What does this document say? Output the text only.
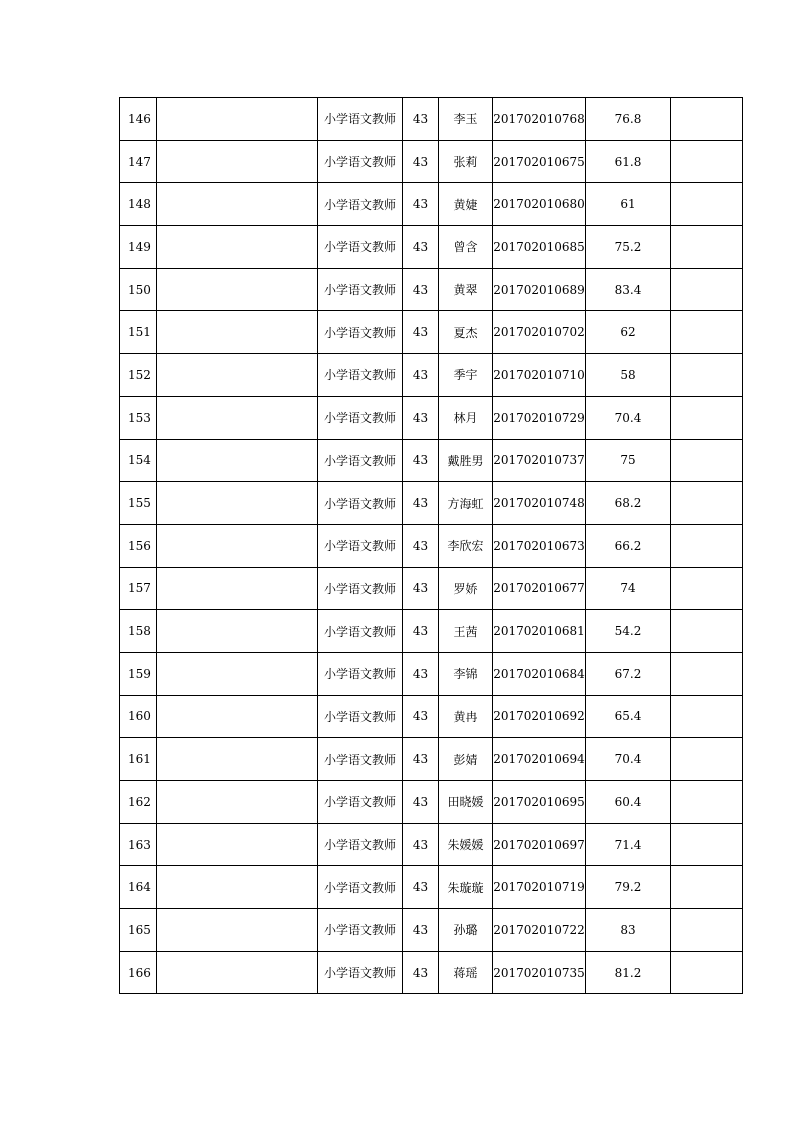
146		小学语文教师	43	李玉	201702010768	76.8	
147		小学语文教师	43	张莉	201702010675	61.8	
148		小学语文教师	43	黄婕	201702010680	61	
149		小学语文教师	43	曾含	201702010685	75.2	
150		小学语文教师	43	黄翠	201702010689	83.4	
151		小学语文教师	43	夏杰	201702010702	62	
152		小学语文教师	43	季宇	201702010710	58	
153		小学语文教师	43	林月	201702010729	70.4	
154		小学语文教师	43	戴胜男	201702010737	75	
155		小学语文教师	43	方海虹	201702010748	68.2	
156		小学语文教师	43	李欣宏	201702010673	66.2	
157		小学语文教师	43	罗娇	201702010677	74	
158		小学语文教师	43	王茜	201702010681	54.2	
159		小学语文教师	43	李锦	201702010684	67.2	
160		小学语文教师	43	黄冉	201702010692	65.4	
161		小学语文教师	43	彭婧	201702010694	70.4	
162		小学语文教师	43	田晓媛	201702010695	60.4	
163		小学语文教师	43	朱媛媛	201702010697	71.4	
164		小学语文教师	43	朱璇璇	201702010719	79.2	
165		小学语文教师	43	孙璐	201702010722	83	
166		小学语文教师	43	蒋瑶	201702010735	81.2	
